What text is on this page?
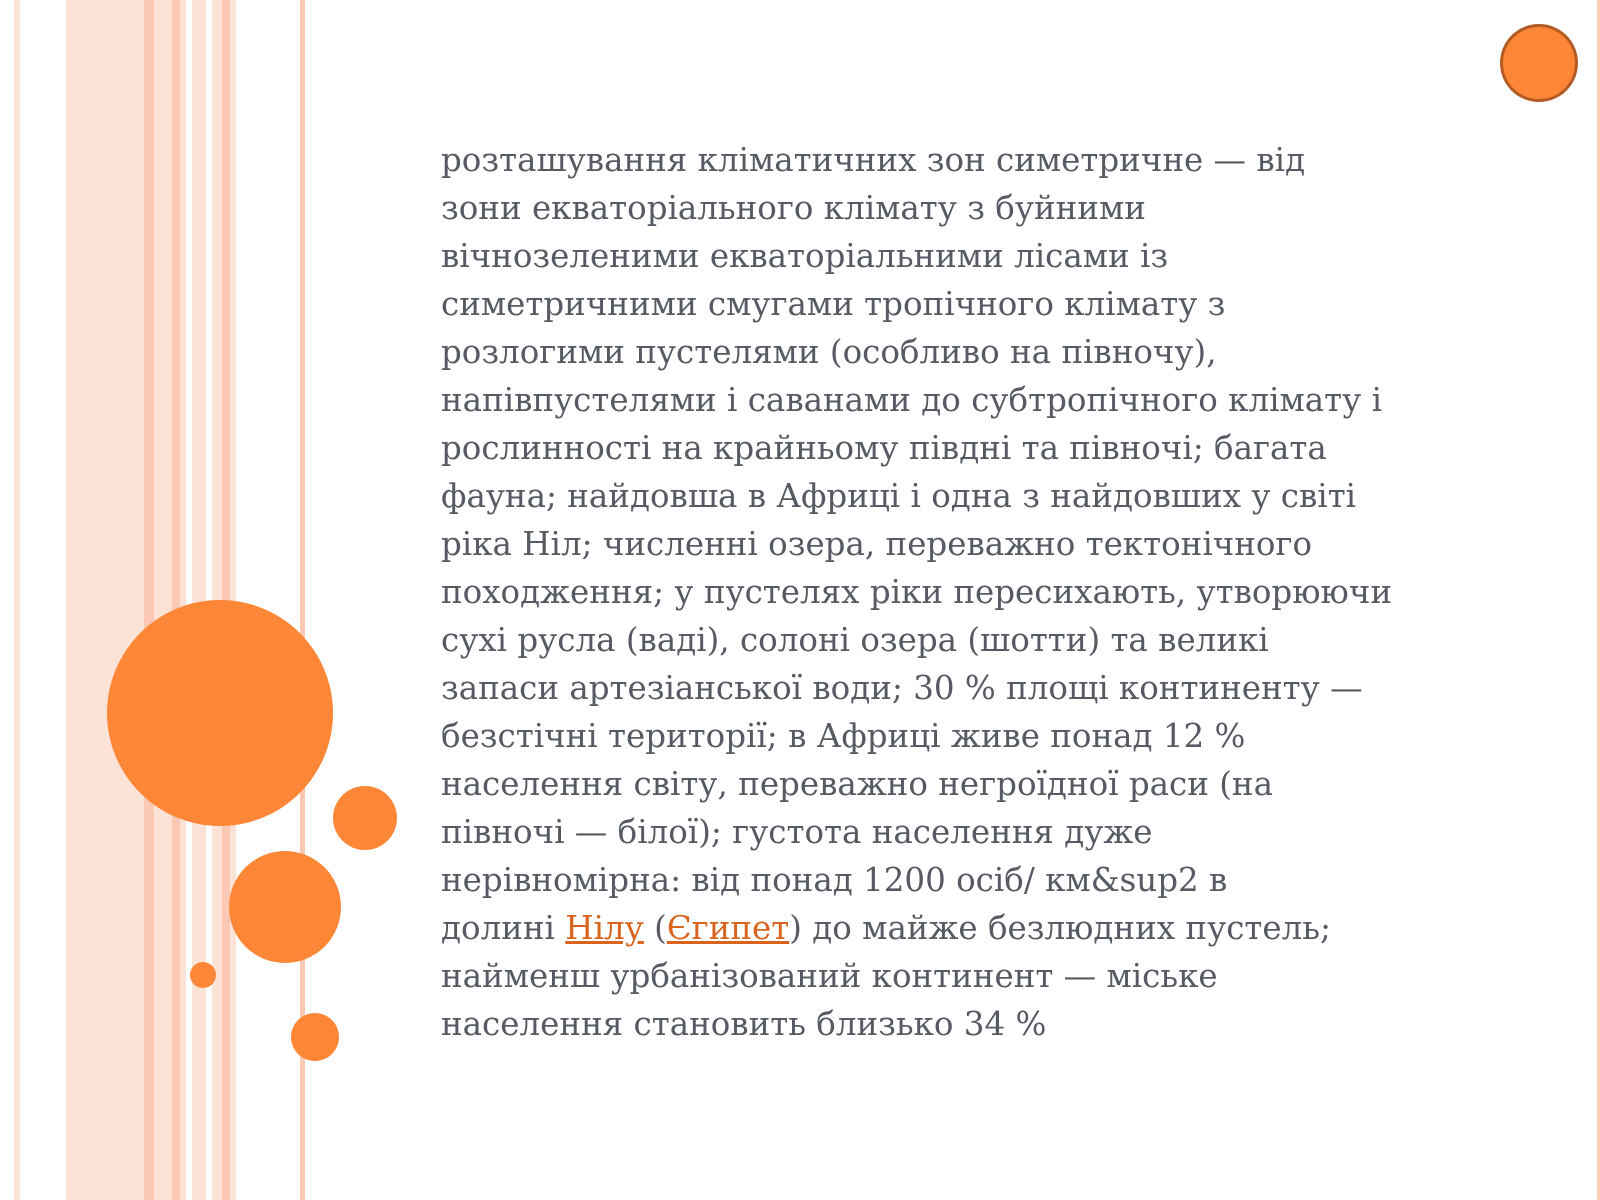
розташування кліматичних зон симетричне — від
зони екваторіального клімату з буйними
вічнозеленими екваторіальними лісами із
симетричними смугами тропічного клімату з
розлогими пустелями (особливо на півночу),
напівпустелями і саванами до субтропічного клімату і
рослинності на крайньому півдні та півночі; багата
фауна; найдовша в Африці і одна з найдовших у світі
ріка Ніл; численні озера, переважно тектонічного
походження; у пустелях ріки пересихають, утворюючи
сухі русла (ваді), солоні озера (шотти) та великі
запаси артезіанської води; 30 % площі континенту —
безстічні території; в Африці живе понад 12 %
населення світу, переважно негроїдної раси (на
півночі — білої); густота населення дуже
нерівномірна: від понад 1200 осіб/ км&sup2 в
долині Нілу (Єгипет) до майже безлюдних пустель;
найменш урбанізований континент — міське
населення становить близько 34 %
